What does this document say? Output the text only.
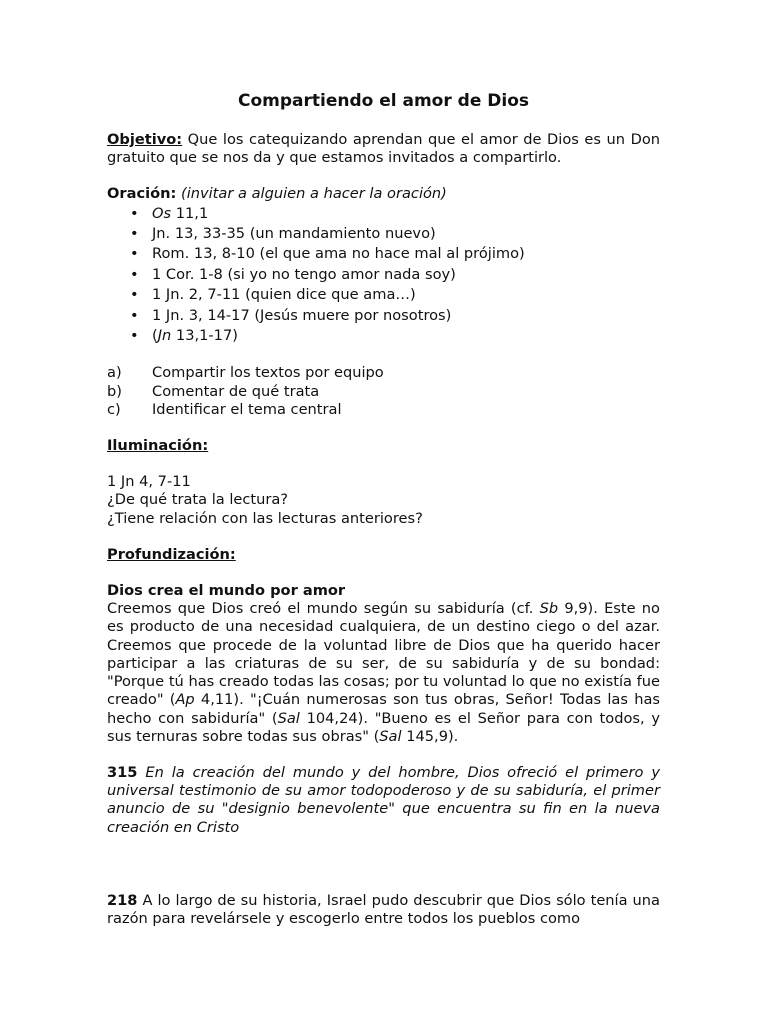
Compartiendo el amor de Dios

Objetivo: Que los catequizando aprendan que el amor de Dios es un Don gratuito que se nos da y que estamos invitados a compartirlo.

Oración: (invitar a alguien a hacer la oración)

• Os 11,1
• Jn. 13, 33-35 (un mandamiento nuevo)
• Rom. 13, 8-10 (el que ama no hace mal al prójimo)
• 1 Cor. 1-8 (si yo no tengo amor nada soy)
• 1 Jn. 2, 7-11 (quien dice que ama…)
• 1 Jn. 3, 14-17 (Jesús muere por nosotros)
• (Jn 13,1-17)
a) Compartir los textos por equipo
b) Comentar de qué trata
c) Identificar el tema central

Iluminación:

1 Jn 4, 7-11

¿De qué trata la lectura?

¿Tiene relación con las lecturas anteriores?

Profundización:

Dios crea el mundo por amor

Creemos que Dios creó el mundo según su sabiduría (cf. Sb 9,9). Este no es producto de una necesidad cualquiera, de un destino ciego o del azar. Creemos que procede de la voluntad libre de Dios que ha querido hacer participar a las criaturas de su ser, de su sabiduría y de su bondad: "Porque tú has creado todas las cosas; por tu voluntad lo que no existía fue creado" (Ap 4,11). "¡Cuán numerosas son tus obras, Señor! Todas las has hecho con sabiduría" (Sal 104,24). "Bueno es el Señor para con todos, y sus ternuras sobre todas sus obras" (Sal 145,9).

315 En la creación del mundo y del hombre, Dios ofreció el primero y universal testimonio de su amor todopoderoso y de su sabiduría, el primer anuncio de su "designio benevolente" que encuentra su fin en la nueva creación en Cristo

218 A lo largo de su historia, Israel pudo descubrir que Dios sólo tenía una razón para revelársele y escogerlo entre todos los pueblos como
